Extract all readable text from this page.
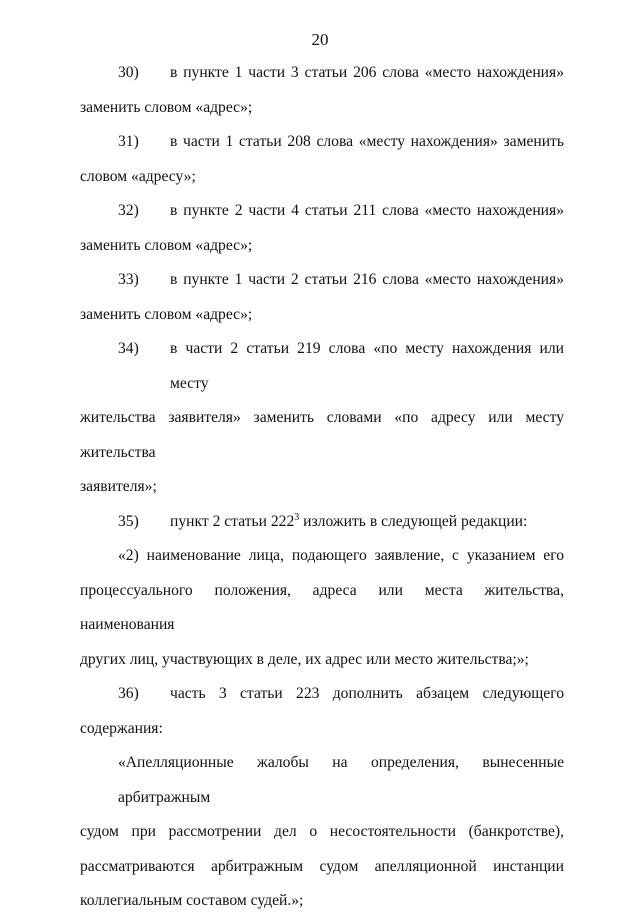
20
30)	в пункте 1 части 3 статьи 206 слова «место нахождения»
заменить словом «адрес»;
31)	в части 1 статьи 208 слова «месту нахождения» заменить
словом «адресу»;
32)	в пункте 2 части 4 статьи 211 слова «место нахождения»
заменить словом «адрес»;
33)	в пункте 1 части 2 статьи 216 слова «место нахождения»
заменить словом «адрес»;
34)	в части 2 статьи 219 слова «по месту нахождения или месту
жительства заявителя» заменить словами «по адресу или месту жительства
заявителя»;
35)	пункт 2 статьи $222^3$ изложить в следующей редакции:
«2) наименование лица, подающего заявление, с указанием его
процессуального положения, адреса или места жительства, наименования
других лиц, участвующих в деле, их адрес или место жительства;»;
36)	часть 3 статьи 223 дополнить абзацем следующего
содержания:
«Апелляционные жалобы на определения, вынесенные арбитражным
судом при рассмотрении дел о несостоятельности (банкротстве),
рассматриваются арбитражным судом апелляционной инстанции
коллегиальным составом судей.»;
